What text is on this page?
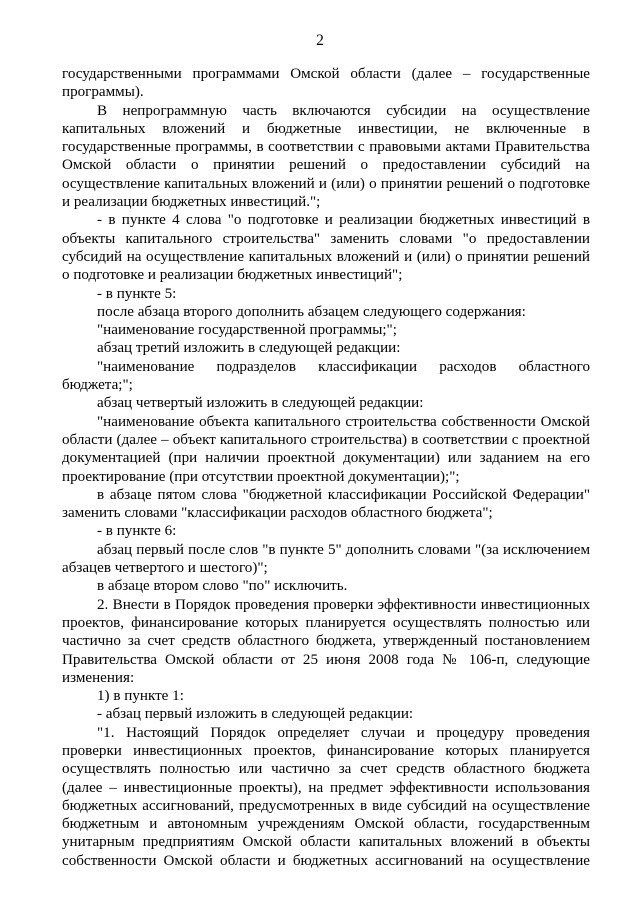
2

государственными программами Омской области (далее – государственные программы).

В непрограммную часть включаются субсидии на осуществление капитальных вложений и бюджетные инвестиции, не включенные в государственные программы, в соответствии с правовыми актами Правительства Омской области о принятии решений о предоставлении субсидий на осуществление капитальных вложений и (или) о принятии решений о подготовке и реализации бюджетных инвестиций.";

- в пункте 4 слова "о подготовке и реализации бюджетных инвестиций в объекты капитального строительства" заменить словами "о предоставлении субсидий на осуществление капитальных вложений и (или) о принятии решений о подготовке и реализации бюджетных инвестиций";

- в пункте 5:

после абзаца второго дополнить абзацем следующего содержания:

"наименование государственной программы;";

абзац третий изложить в следующей редакции:

"наименование подразделов классификации расходов областного бюджета;";

абзац четвертый изложить в следующей редакции:

"наименование объекта капитального строительства собственности Омской области (далее – объект капитального строительства) в соответствии с проектной документацией (при наличии проектной документации) или заданием на его проектирование (при отсутствии проектной документации);";

в абзаце пятом слова "бюджетной классификации Российской Федерации" заменить словами "классификации расходов областного бюджета";

- в пункте 6:

абзац первый после слов "в пункте 5" дополнить словами "(за исключением абзацев четвертого и шестого)";

в абзаце втором слово "по" исключить.

2. Внести в Порядок проведения проверки эффективности инвестиционных проектов, финансирование которых планируется осуществлять полностью или частично за счет средств областного бюджета, утвержденный постановлением Правительства Омской области от 25 июня 2008 года № 106-п, следующие изменения:

1) в пункте 1:

- абзац первый изложить в следующей редакции:

"1. Настоящий Порядок определяет случаи и процедуру проведения проверки инвестиционных проектов, финансирование которых планируется осуществлять полностью или частично за счет средств областного бюджета (далее – инвестиционные проекты), на предмет эффективности использования бюджетных ассигнований, предусмотренных в виде субсидий на осуществление бюджетным и автономным учреждениям Омской области, государственным унитарным предприятиям Омской области капитальных вложений в объекты собственности Омской области и бюджетных ассигнований на осуществление
